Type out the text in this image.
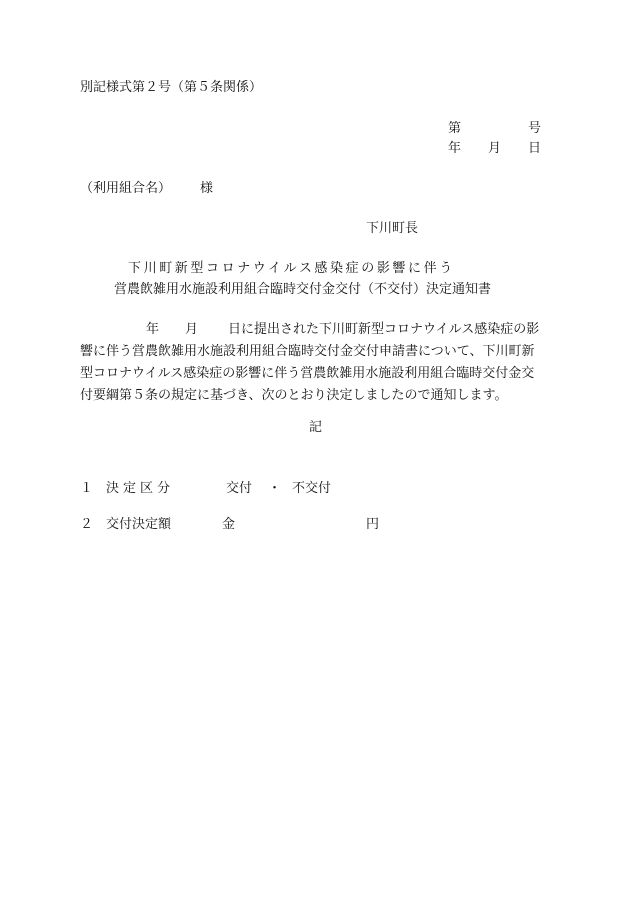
別記様式第２号（第５条関係）
第	号
年 月 日
（利用組合名） 様
下川町長
下川町新型コロナウイルス感染症の影響に伴う
営農飲雑用水施設利用組合臨時交付金交付（不交付）決定通知書
年 月 日に提出された下川町新型コロナウイルス感染症の影
響に伴う営農飲雑用水施設利用組合臨時交付金交付申請書について、下川町新
型コロナウイルス感染症の影響に伴う営農飲雑用水施設利用組合臨時交付金交
付要綱第５条の規定に基づき、次のとおり決定しましたので通知します。
記
１ 決定区分	交付 ・ 不交付
２ 交付決定額	金	円
